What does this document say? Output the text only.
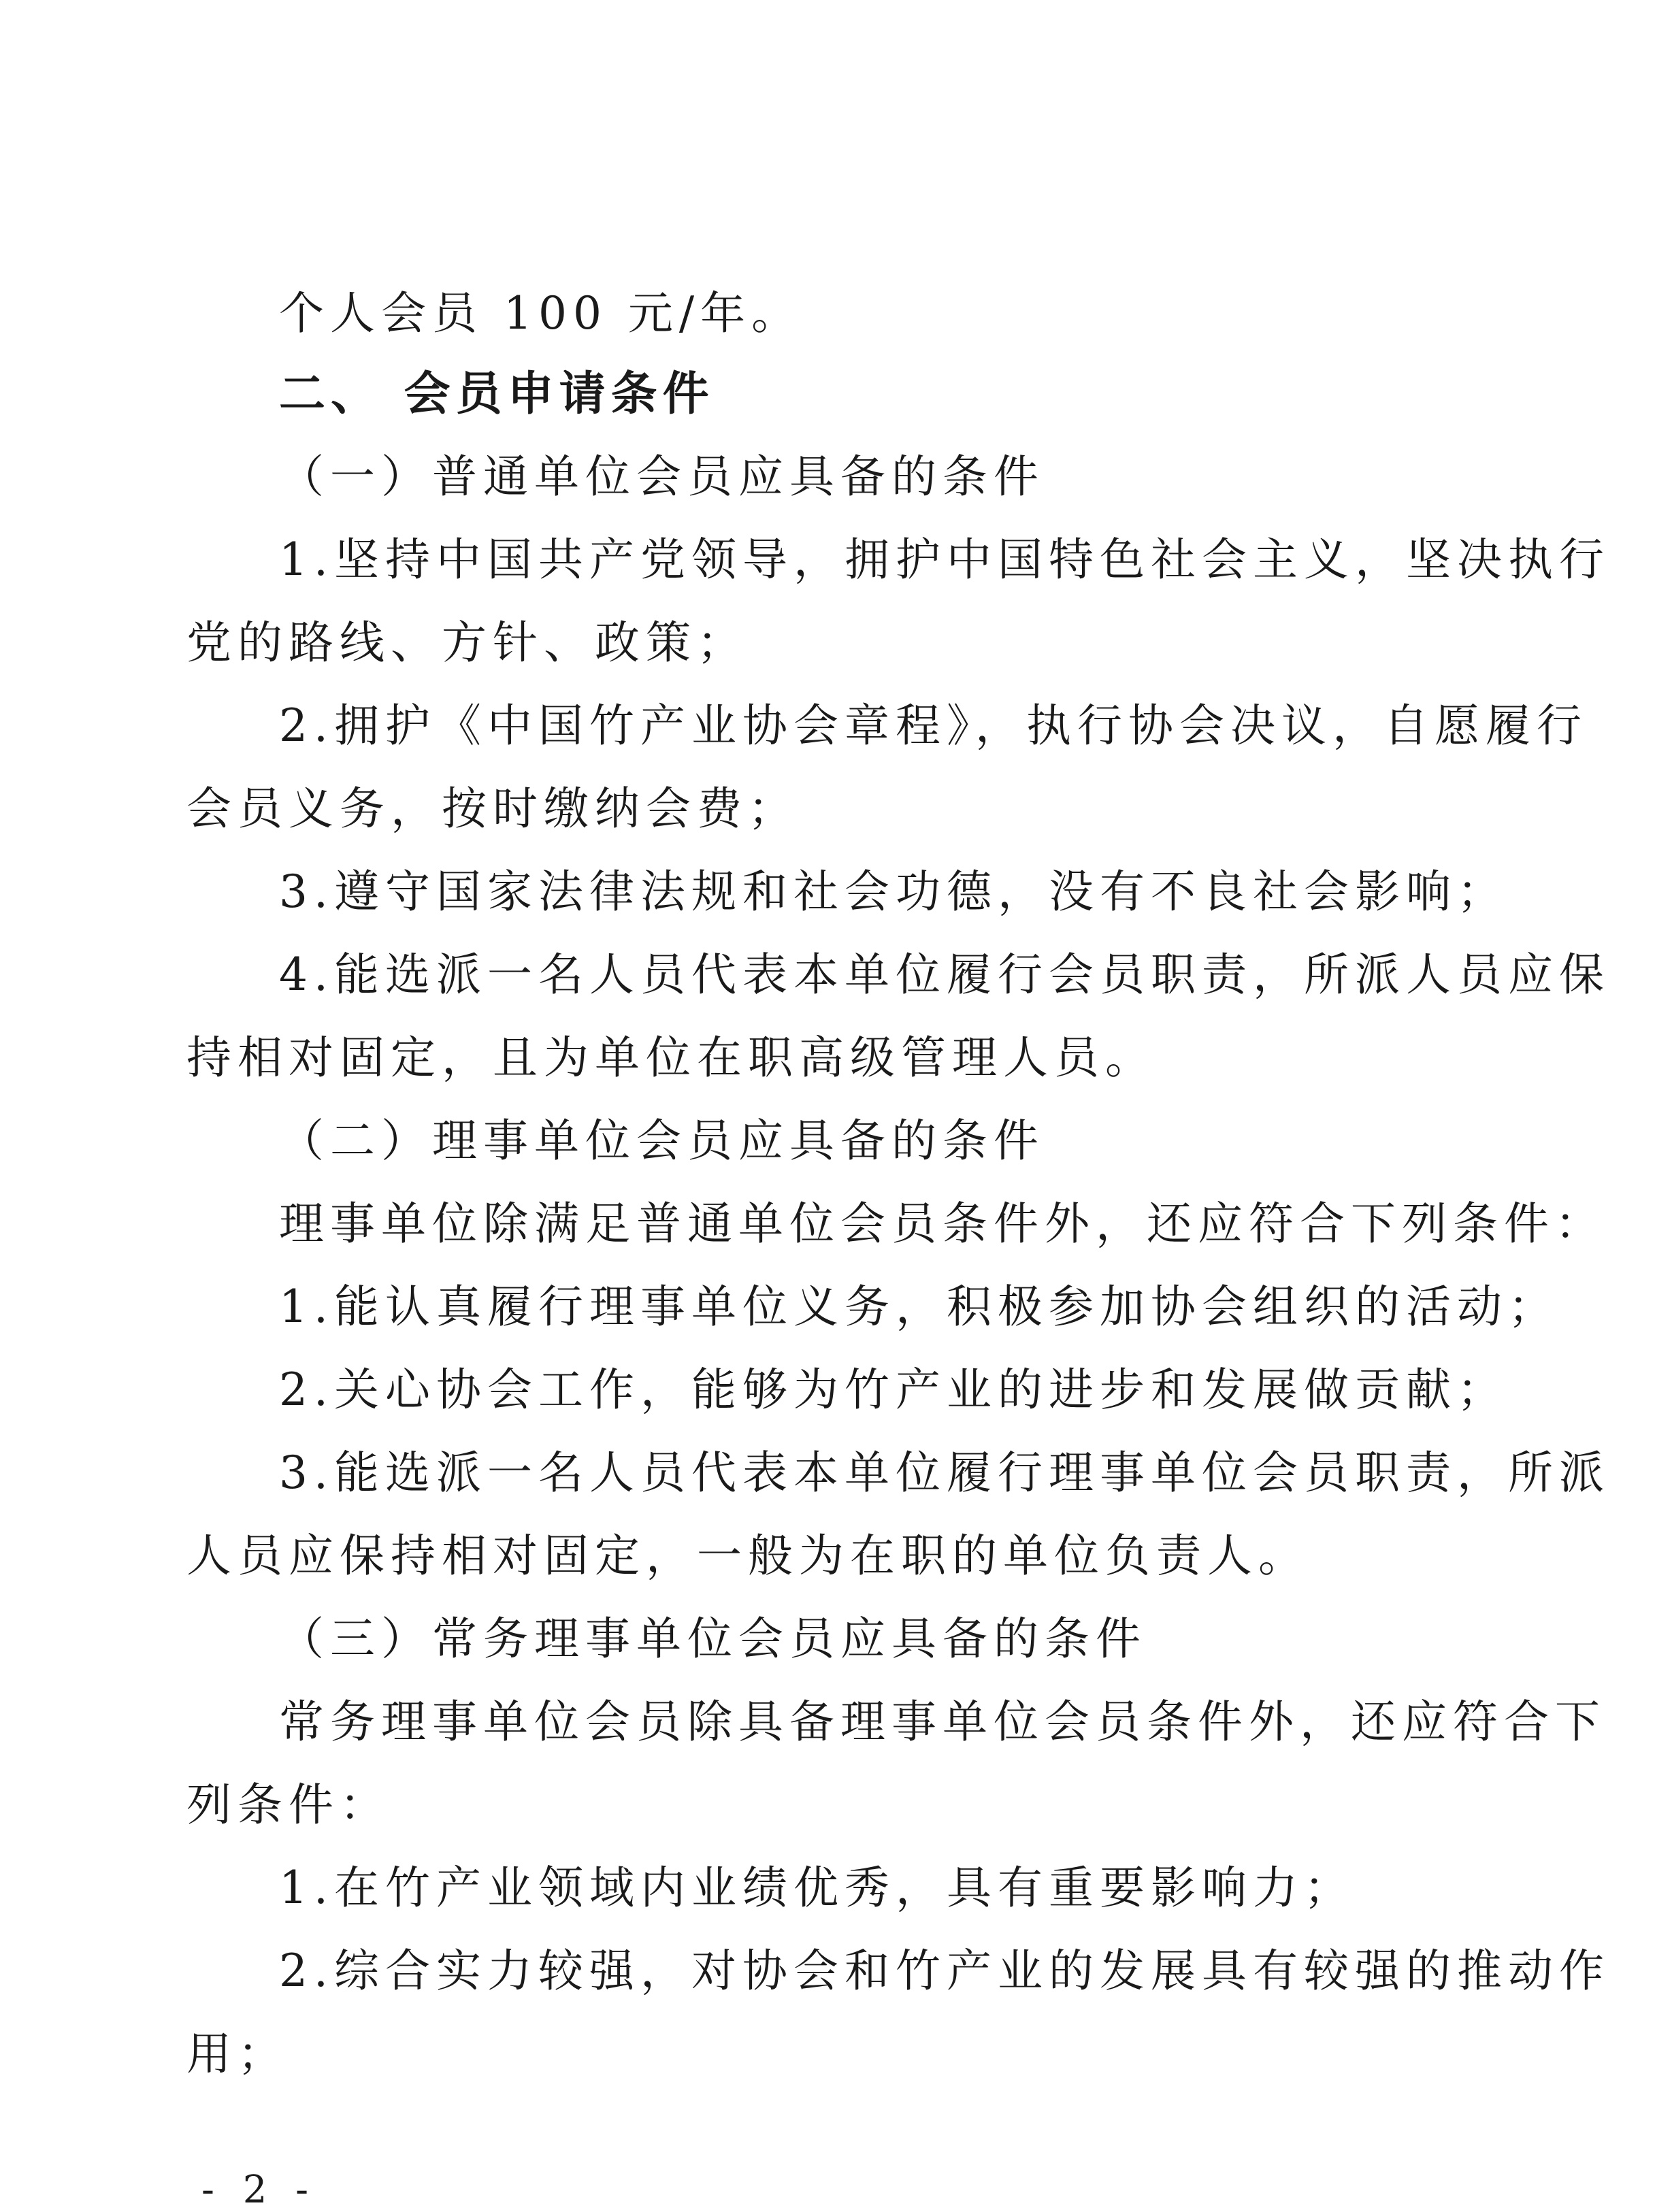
个人会员 100 元/年。
二、 会员申请条件
（一）普通单位会员应具备的条件
1.坚持中国共产党领导，拥护中国特色社会主义，坚决执行
党的路线、方针、政策；
2.拥护《中国竹产业协会章程》，执行协会决议，自愿履行
会员义务，按时缴纳会费；
3.遵守国家法律法规和社会功德，没有不良社会影响；
4.能选派一名人员代表本单位履行会员职责，所派人员应保
持相对固定，且为单位在职高级管理人员。
（二）理事单位会员应具备的条件
理事单位除满足普通单位会员条件外，还应符合下列条件：
1.能认真履行理事单位义务，积极参加协会组织的活动；
2.关心协会工作，能够为竹产业的进步和发展做贡献；
3.能选派一名人员代表本单位履行理事单位会员职责，所派
人员应保持相对固定，一般为在职的单位负责人。
（三）常务理事单位会员应具备的条件
常务理事单位会员除具备理事单位会员条件外，还应符合下
列条件：
1.在竹产业领域内业绩优秀，具有重要影响力；
2.综合实力较强，对协会和竹产业的发展具有较强的推动作
用；
- 2 -
